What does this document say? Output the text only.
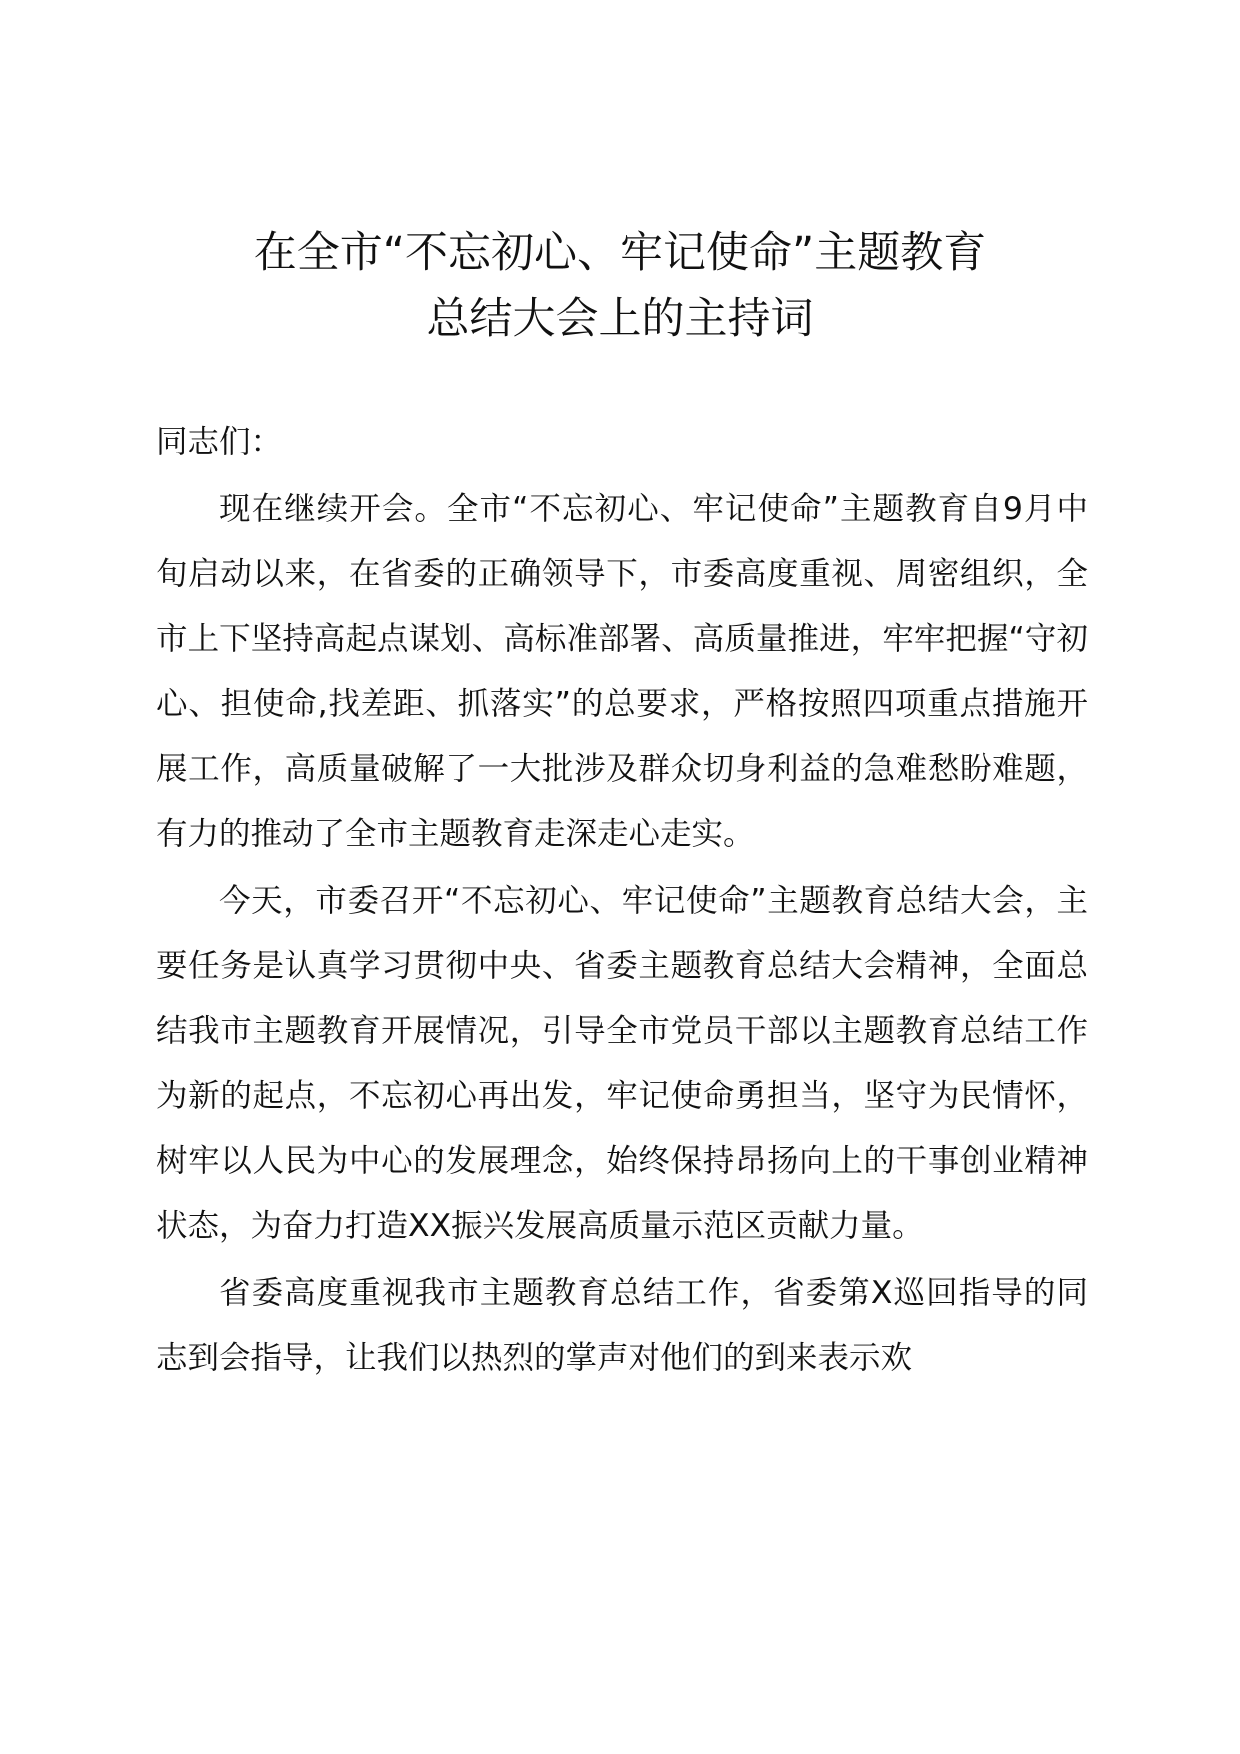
在全市“不忘初心、牢记使命”主题教育
总结大会上的主持词

同志们：

现在继续开会。全市“不忘初心、牢记使命”主题教育自9月中旬启动以来，在省委的正确领导下，市委高度重视、周密组织，全市上下坚持高起点谋划、高标准部署、高质量推进，牢牢把握“守初心、担使命,找差距、抓落实”的总要求，严格按照四项重点措施开展工作，高质量破解了一大批涉及群众切身利益的急难愁盼难题，有力的推动了全市主题教育走深走心走实。

今天，市委召开“不忘初心、牢记使命”主题教育总结大会，主要任务是认真学习贯彻中央、省委主题教育总结大会精神，全面总结我市主题教育开展情况，引导全市党员干部以主题教育总结工作为新的起点，不忘初心再出发，牢记使命勇担当，坚守为民情怀，树牢以人民为中心的发展理念，始终保持昂扬向上的干事创业精神状态，为奋力打造XX振兴发展高质量示范区贡献力量。

省委高度重视我市主题教育总结工作，省委第X巡回指导的同志到会指导，让我们以热烈的掌声对他们的到来表示欢
